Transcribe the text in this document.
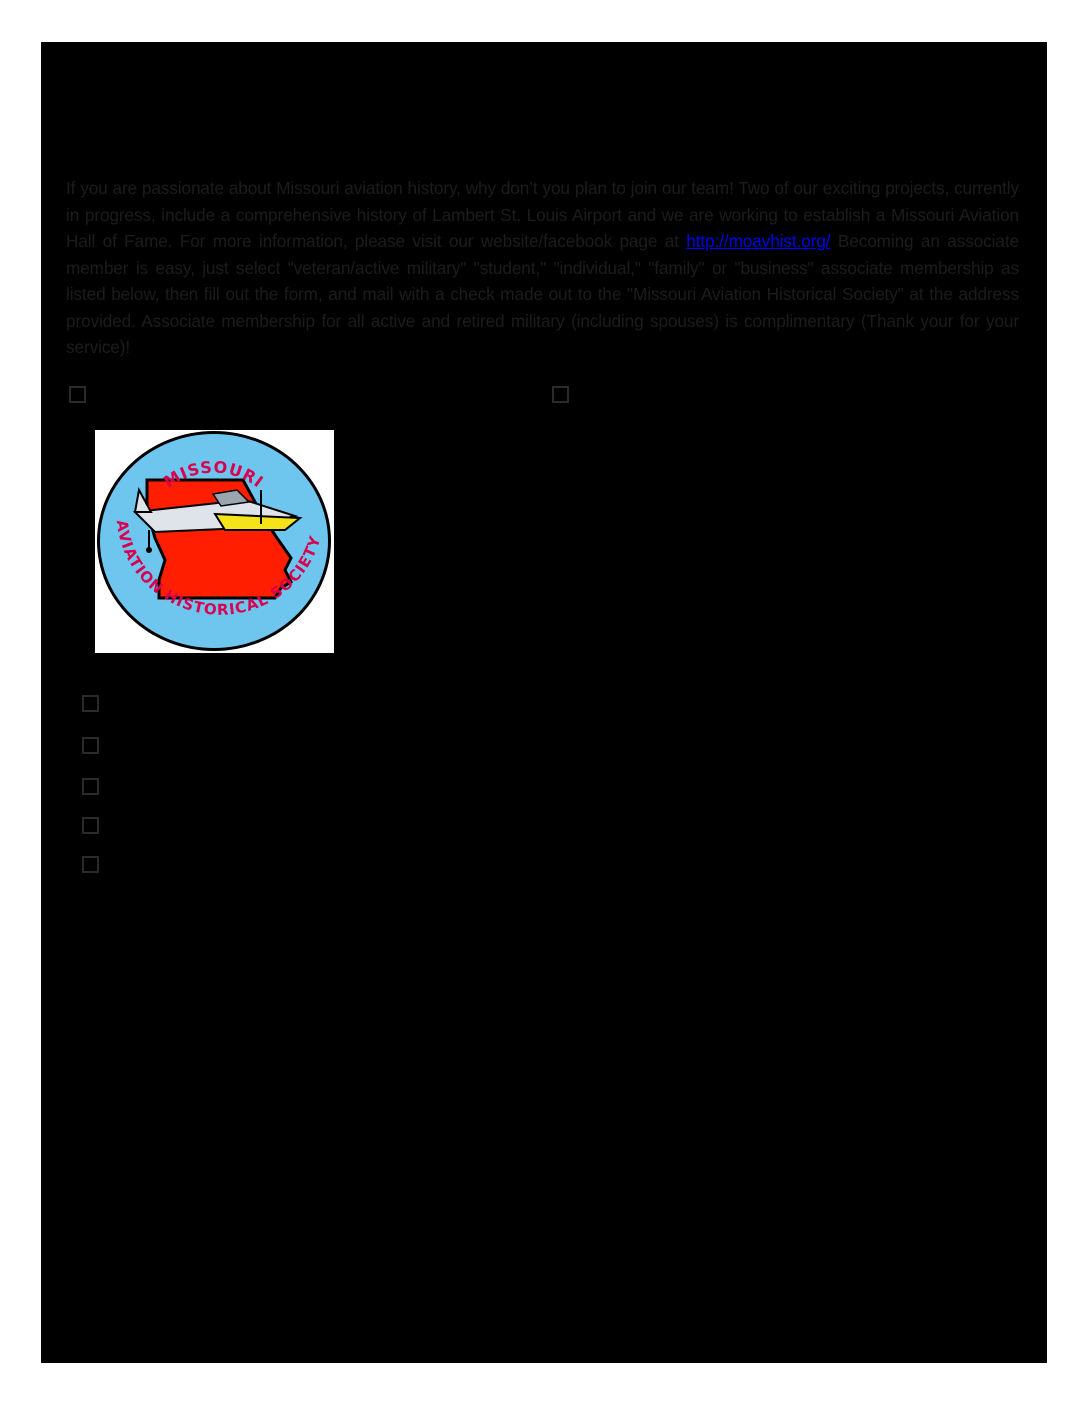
If you are passionate about Missouri aviation history, why don’t you plan to join our team! Two of our exciting projects, currently in progress, include a comprehensive history of Lambert St. Louis Airport and we are working to establish a Missouri Aviation Hall of Fame. For more information, please visit our website/facebook page at http://moavhist.org/ Becoming an associate member is easy, just select "veteran/active military" "student," "individual," "family" or "business" associate membership as listed below, then fill out the form, and mail with a check made out to the "Missouri Aviation Historical Society" at the address provided. Associate membership for all active and retired military (including spouses) is complimentary (Thank your for your service)!

MISSOURI
AVIATION HISTORICAL SOCIETY
